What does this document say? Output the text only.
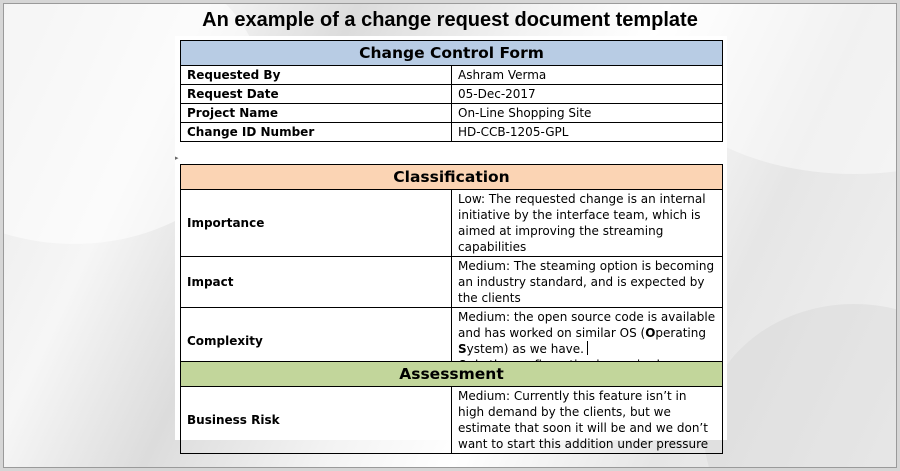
An example of a change request document template
▸
Change Control Form	
Requested By	Ashram Verma
Request Date	05-Dec-2017
Project Name	On-Line Shopping Site
Change ID Number	HD-CCB-1205-GPL
Classification	
Importance	Low: The requested change is an internal initiative by the interface team, which is aimed at improving the streaming capabilities
Impact	Medium: The steaming option is becoming an industry standard, and is expected by the clients
Complexity	Medium: the open source code is available and has worked on similar OS (Operating System) as we have.

Assessment
Business Risk	Medium: Currently this feature isn’t in high demand by the clients, but we estimate that soon it will be and we don’t want to start this addition under pressure
